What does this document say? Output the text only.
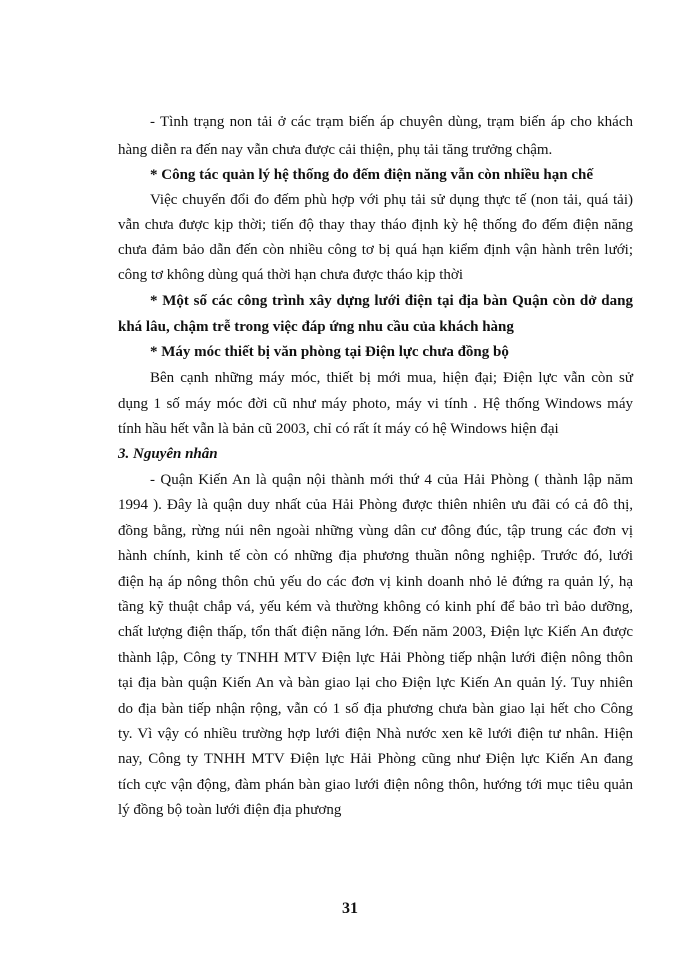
- Tình trạng non tải ở các trạm biến áp chuyên dùng, trạm biến áp cho khách
hàng diễn ra đến nay vẫn chưa được cải thiện, phụ tải tăng trưởng chậm.
* Công tác quản lý hệ thống đo đếm điện năng vẫn còn nhiều hạn chế
Việc chuyển đổi đo đếm phù hợp với phụ tải sử dụng thực tế (non tải, quá tải)
vẫn chưa được kịp thời; tiến độ thay thay tháo định kỳ hệ thống đo đếm điện năng
chưa đảm bảo dẫn đến còn nhiều công tơ bị quá hạn kiểm định vận hành trên lưới;
công tơ không dùng quá thời hạn chưa được tháo kịp thời
* Một số các công trình xây dựng lưới điện tại địa bàn Quận còn dở dang
khá lâu, chậm trễ trong việc đáp ứng nhu cầu của khách hàng
* Máy móc thiết bị văn phòng tại Điện lực chưa đồng bộ
Bên cạnh những máy móc, thiết bị mới mua, hiện đại; Điện lực vẫn còn sử
dụng 1 số máy móc đời cũ như máy photo, máy vi tính . Hệ thống Windows máy
tính hầu hết vẫn là bản cũ 2003, chỉ có rất ít máy có hệ Windows hiện đại
3. Nguyên nhân
- Quận Kiến An là quận nội thành mới thứ 4 của Hải Phòng ( thành lập năm
1994 ). Đây là quận duy nhất của Hải Phòng được thiên nhiên ưu đãi có cả đô thị,
đồng bằng, rừng núi nên ngoài những vùng dân cư đông đúc, tập trung các đơn vị
hành chính, kinh tế còn có những địa phương thuần nông nghiệp. Trước đó, lưới
điện hạ áp nông thôn chủ yếu do các đơn vị kinh doanh nhỏ lẻ đứng ra quản lý, hạ
tầng kỹ thuật chắp vá, yếu kém và thường không có kinh phí để bảo trì bảo dưỡng,
chất lượng điện thấp, tổn thất điện năng lớn. Đến năm 2003, Điện lực Kiến An được
thành lập, Công ty TNHH MTV Điện lực Hải Phòng tiếp nhận lưới điện nông thôn
tại địa bàn quận Kiến An và bàn giao lại cho Điện lực Kiến An quản lý. Tuy nhiên
do địa bàn tiếp nhận rộng, vẫn có 1 số địa phương chưa bàn giao lại hết cho Công
ty. Vì vậy có nhiều trường hợp lưới điện Nhà nước xen kẽ lưới điện tư nhân. Hiện
nay, Công ty TNHH MTV Điện lực Hải Phòng cũng như Điện lực Kiến An đang
tích cực vận động, đàm phán bàn giao lưới điện nông thôn, hướng tới mục tiêu quản
lý đồng bộ toàn lưới điện địa phương
31
